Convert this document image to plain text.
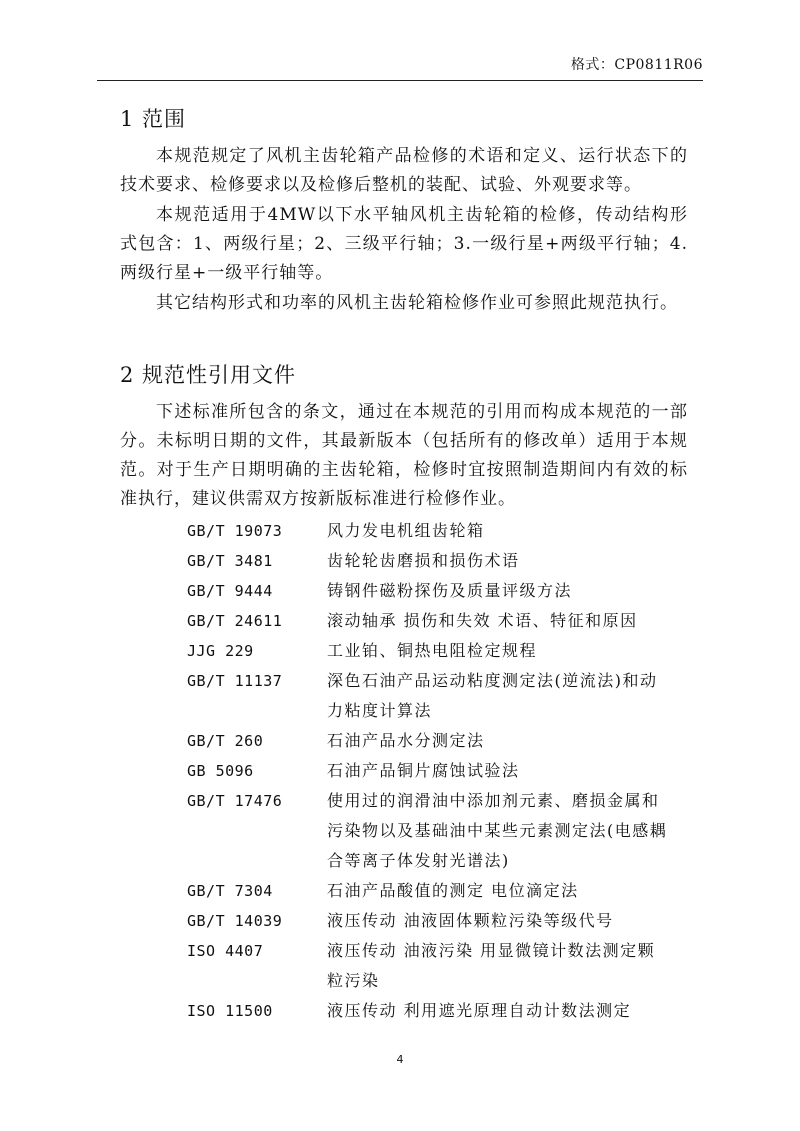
格式：CP0811R06
1 范围
本规范规定了风机主齿轮箱产品检修的术语和定义、运行状态下的技术要求、检修要求以及检修后整机的装配、试验、外观要求等。
本规范适用于4MW以下水平轴风机主齿轮箱的检修，传动结构形式包含：1、两级行星；2、三级平行轴；3.一级行星+两级平行轴；4.两级行星+一级平行轴等。
其它结构形式和功率的风机主齿轮箱检修作业可参照此规范执行。
2 规范性引用文件
下述标准所包含的条文，通过在本规范的引用而构成本规范的一部分。未标明日期的文件，其最新版本（包括所有的修改单）适用于本规范。对于生产日期明确的主齿轮箱，检修时宜按照制造期间内有效的标准执行，建议供需双方按新版标准进行检修作业。
GB/T 19073	风力发电机组齿轮箱
GB/T 3481	齿轮轮齿磨损和损伤术语
GB/T 9444	铸钢件磁粉探伤及质量评级方法
GB/T 24611	滚动轴承 损伤和失效 术语、特征和原因
JJG 229	工业铂、铜热电阻检定规程
GB/T 11137	深色石油产品运动粘度测定法(逆流法)和动力粘度计算法
GB/T 260	石油产品水分测定法
GB 5096	石油产品铜片腐蚀试验法
GB/T 17476	使用过的润滑油中添加剂元素、磨损金属和污染物以及基础油中某些元素测定法(电感耦合等离子体发射光谱法)
GB/T 7304	石油产品酸值的测定 电位滴定法
GB/T 14039	液压传动 油液固体颗粒污染等级代号
ISO 4407	液压传动 油液污染 用显微镜计数法测定颗粒污染
ISO 11500	液压传动 利用遮光原理自动计数法测定
4
